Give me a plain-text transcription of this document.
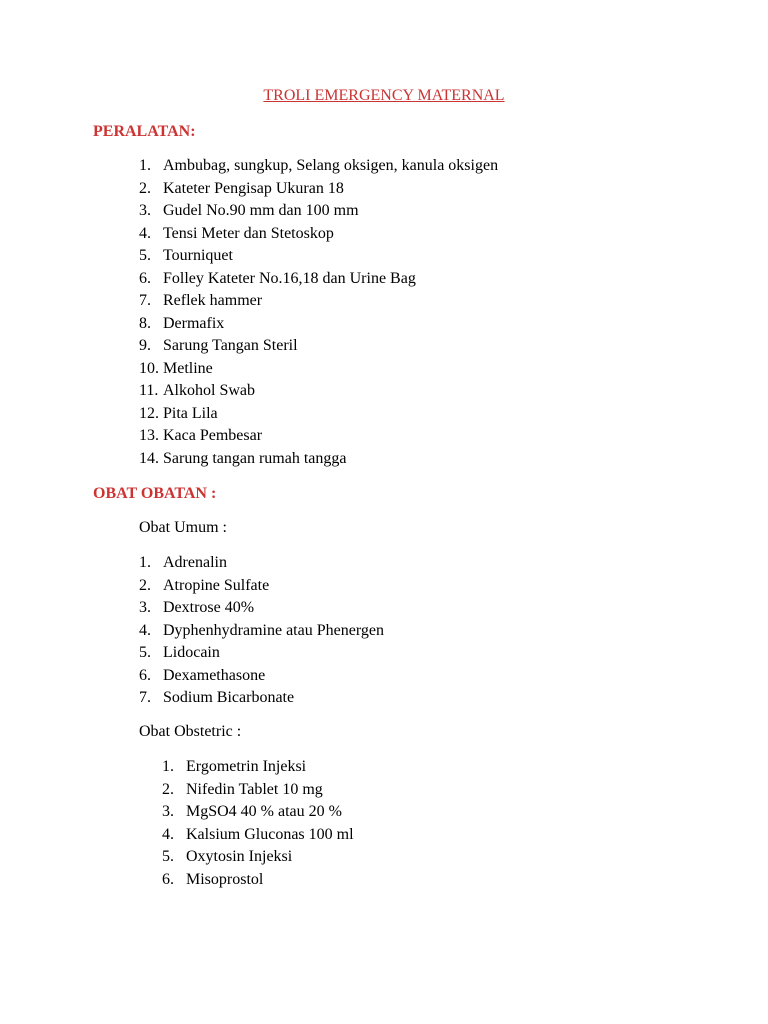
TROLI EMERGENCY MATERNAL
PERALATAN:
1. Ambubag, sungkup, Selang oksigen, kanula oksigen
2. Kateter Pengisap Ukuran 18
3. Gudel No.90 mm dan 100 mm
4. Tensi Meter dan Stetoskop
5. Tourniquet
6. Folley Kateter No.16,18 dan Urine Bag
7. Reflek hammer
8. Dermafix
9. Sarung Tangan Steril
10. Metline
11. Alkohol Swab
12. Pita Lila
13. Kaca Pembesar
14. Sarung tangan rumah tangga
OBAT OBATAN :
Obat Umum :
1. Adrenalin
2. Atropine Sulfate
3. Dextrose 40%
4. Dyphenhydramine atau Phenergen
5. Lidocain
6. Dexamethasone
7. Sodium Bicarbonate
Obat Obstetric :
1. Ergometrin Injeksi
2. Nifedin Tablet 10 mg
3. MgSO4 40 % atau 20 %
4. Kalsium Gluconas 100 ml
5. Oxytosin Injeksi
6. Misoprostol
